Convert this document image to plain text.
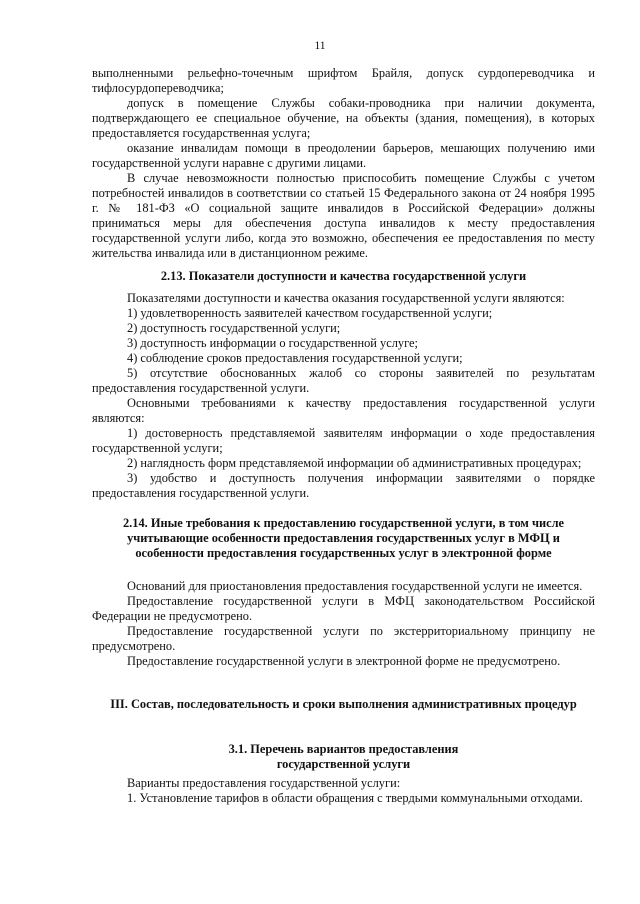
11

выполненными рельефно-точечным шрифтом Брайля, допуск сурдопереводчика и тифлосурдопереводчика;

допуск в помещение Службы собаки-проводника при наличии документа, подтверждающего ее специальное обучение, на объекты (здания, помещения), в которых предоставляется государственная услуга;

оказание инвалидам помощи в преодолении барьеров, мешающих получению ими государственной услуги наравне с другими лицами.

В случае невозможности полностью приспособить помещение Службы с учетом потребностей инвалидов в соответствии со статьей 15 Федерального закона от 24 ноября 1995 г. № 181-ФЗ «О социальной защите инвалидов в Российской Федерации» должны приниматься меры для обеспечения доступа инвалидов к месту предоставления государственной услуги либо, когда это возможно, обеспечения ее предоставления по месту жительства инвалида или в дистанционном режиме.

2.13. Показатели доступности и качества государственной услуги

Показателями доступности и качества оказания государственной услуги являются:

1) удовлетворенность заявителей качеством государственной услуги;

2) доступность государственной услуги;

3) доступность информации о государственной услуге;

4) соблюдение сроков предоставления государственной услуги;

5) отсутствие обоснованных жалоб со стороны заявителей по результатам предоставления государственной услуги.

Основными требованиями к качеству предоставления государственной услуги являются:

1) достоверность представляемой заявителям информации о ходе предоставления государственной услуги;

2) наглядность форм представляемой информации об административных процедурах;

3) удобство и доступность получения информации заявителями о порядке предоставления государственной услуги.

2.14. Иные требования к предоставлению государственной услуги, в том числе

учитывающие особенности предоставления государственных услуг в МФЦ и

особенности предоставления государственных услуг в электронной форме

Оснований для приостановления предоставления государственной услуги не имеется.

Предоставление государственной услуги в МФЦ законодательством Российской Федерации не предусмотрено.

Предоставление государственной услуги по экстерриториальному принципу не предусмотрено.

Предоставление государственной услуги в электронной форме не предусмотрено.

III. Состав, последовательность и сроки выполнения административных процедур

3.1. Перечень вариантов предоставления

государственной услуги

Варианты предоставления государственной услуги:

1. Установление тарифов в области обращения с твердыми коммунальными отходами.
